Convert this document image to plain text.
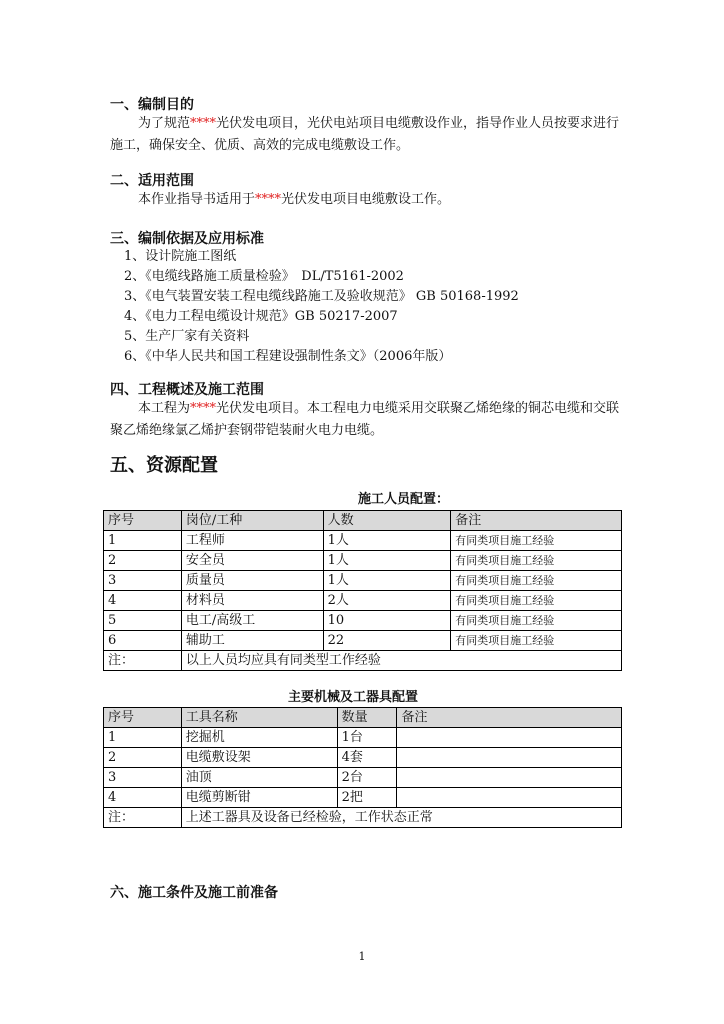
一、编制目的

为了规范****光伏发电项目，光伏电站项目电缆敷设作业，指导作业人员按要求进行施工，确保安全、优质、高效的完成电缆敷设工作。

二、适用范围

本作业指导书适用于****光伏发电项目电缆敷设工作。

三、编制依据及应用标准
1、设计院施工图纸
2、《电缆线路施工质量检验》　DL/T5161-2002
3、《电气装置安装工程电缆线路施工及验收规范》 GB 50168-1992
4、《电力工程电缆设计规范》GB 50217-2007
5、生产厂家有关资料
6、《中华人民共和国工程建设强制性条文》（2006年版）
四、工程概述及施工范围

本工程为****光伏发电项目。本工程电力电缆采用交联聚乙烯绝缘的铜芯电缆和交联聚乙烯绝缘氯乙烯护套钢带铠装耐火电力电缆。

五、资源配置
施工人员配置：
序号	岗位/工种	人数	备注
1	工程师	1人	有同类项目施工经验
2	安全员	1人	有同类项目施工经验
3	质量员	1人	有同类项目施工经验
4	材料员	2人	有同类项目施工经验
5	电工/高级工	10	有同类项目施工经验
6	辅助工	22	有同类项目施工经验
注：	以上人员均应具有同类型工作经验		
主要机械及工器具配置
序号	工具名称	数量	备注
1	挖掘机	1台	
2	电缆敷设架	4套	
3	油顶	2台	
4	电缆剪断钳	2把	
注：	上述工器具及设备已经检验，工作状态正常		
六、施工条件及施工前准备
1
